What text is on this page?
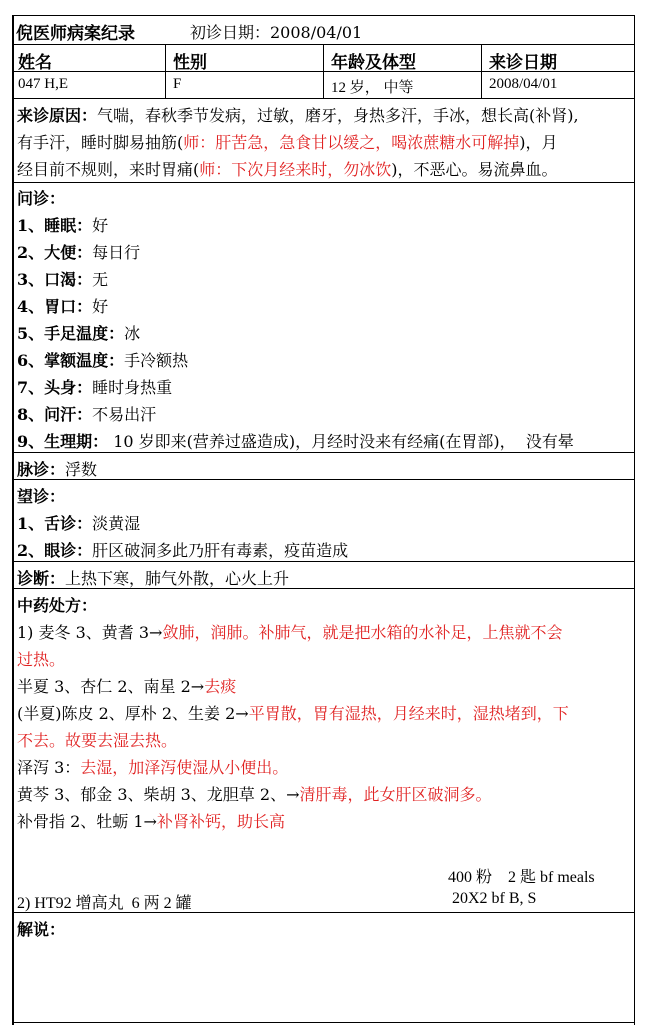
倪医师病案纪录	初诊日期：2008/04/01
姓名	性别	年龄及体型	来诊日期
047 H,E	F	12 岁， 中等	2008/04/01
来诊原因：气喘，春秋季节发病，过敏，磨牙，身热多汗，手冰，想长高(补肾),
有手汗，睡时脚易抽筋(师：肝苦急，急食甘以缓之，喝浓蔗糖水可解掉)，月
经目前不规则，来时胃痛(师：下次月经来时，勿冰饮)，不恶心。易流鼻血。
问诊：
1、睡眠：好
2、大便：每日行
3、口渴：无
4、胃口：好
5、手足温度：冰
6、掌额温度：手冷额热
7、头身：睡时身热重
8、问汗：不易出汗
9、生理期： 10 岁即来(营养过盛造成)，月经时没来有经痛(在胃部)，  没有晕
脉诊：浮数
望诊：
1、舌诊：淡黄湿
2、眼诊：肝区破洞多此乃肝有毒素，疫苗造成
诊断：上热下寒，肺气外散，心火上升
中药处方：
1) 麦冬 3、黄耆 3→敛肺，润肺。补肺气，就是把水箱的水补足，上焦就不会
过热。
半夏 3、杏仁 2、南星 2→去痰
(半夏)陈皮 2、厚朴 2、生姜 2→平胃散，胃有湿热，月经来时，湿热堵到，下
不去。故要去湿去热。
泽泻 3：去湿，加泽泻使湿从小便出。
黄芩 3、郁金 3、柴胡 3、龙胆草 2、→清肝毒，此女肝区破洞多。
补骨指 2、牡蛎 1→补肾补钙，助长高
400 粉    2 匙 bf meals
2) HT92 增高丸  6 两 2 罐	20X2 bf B, S
解说：
